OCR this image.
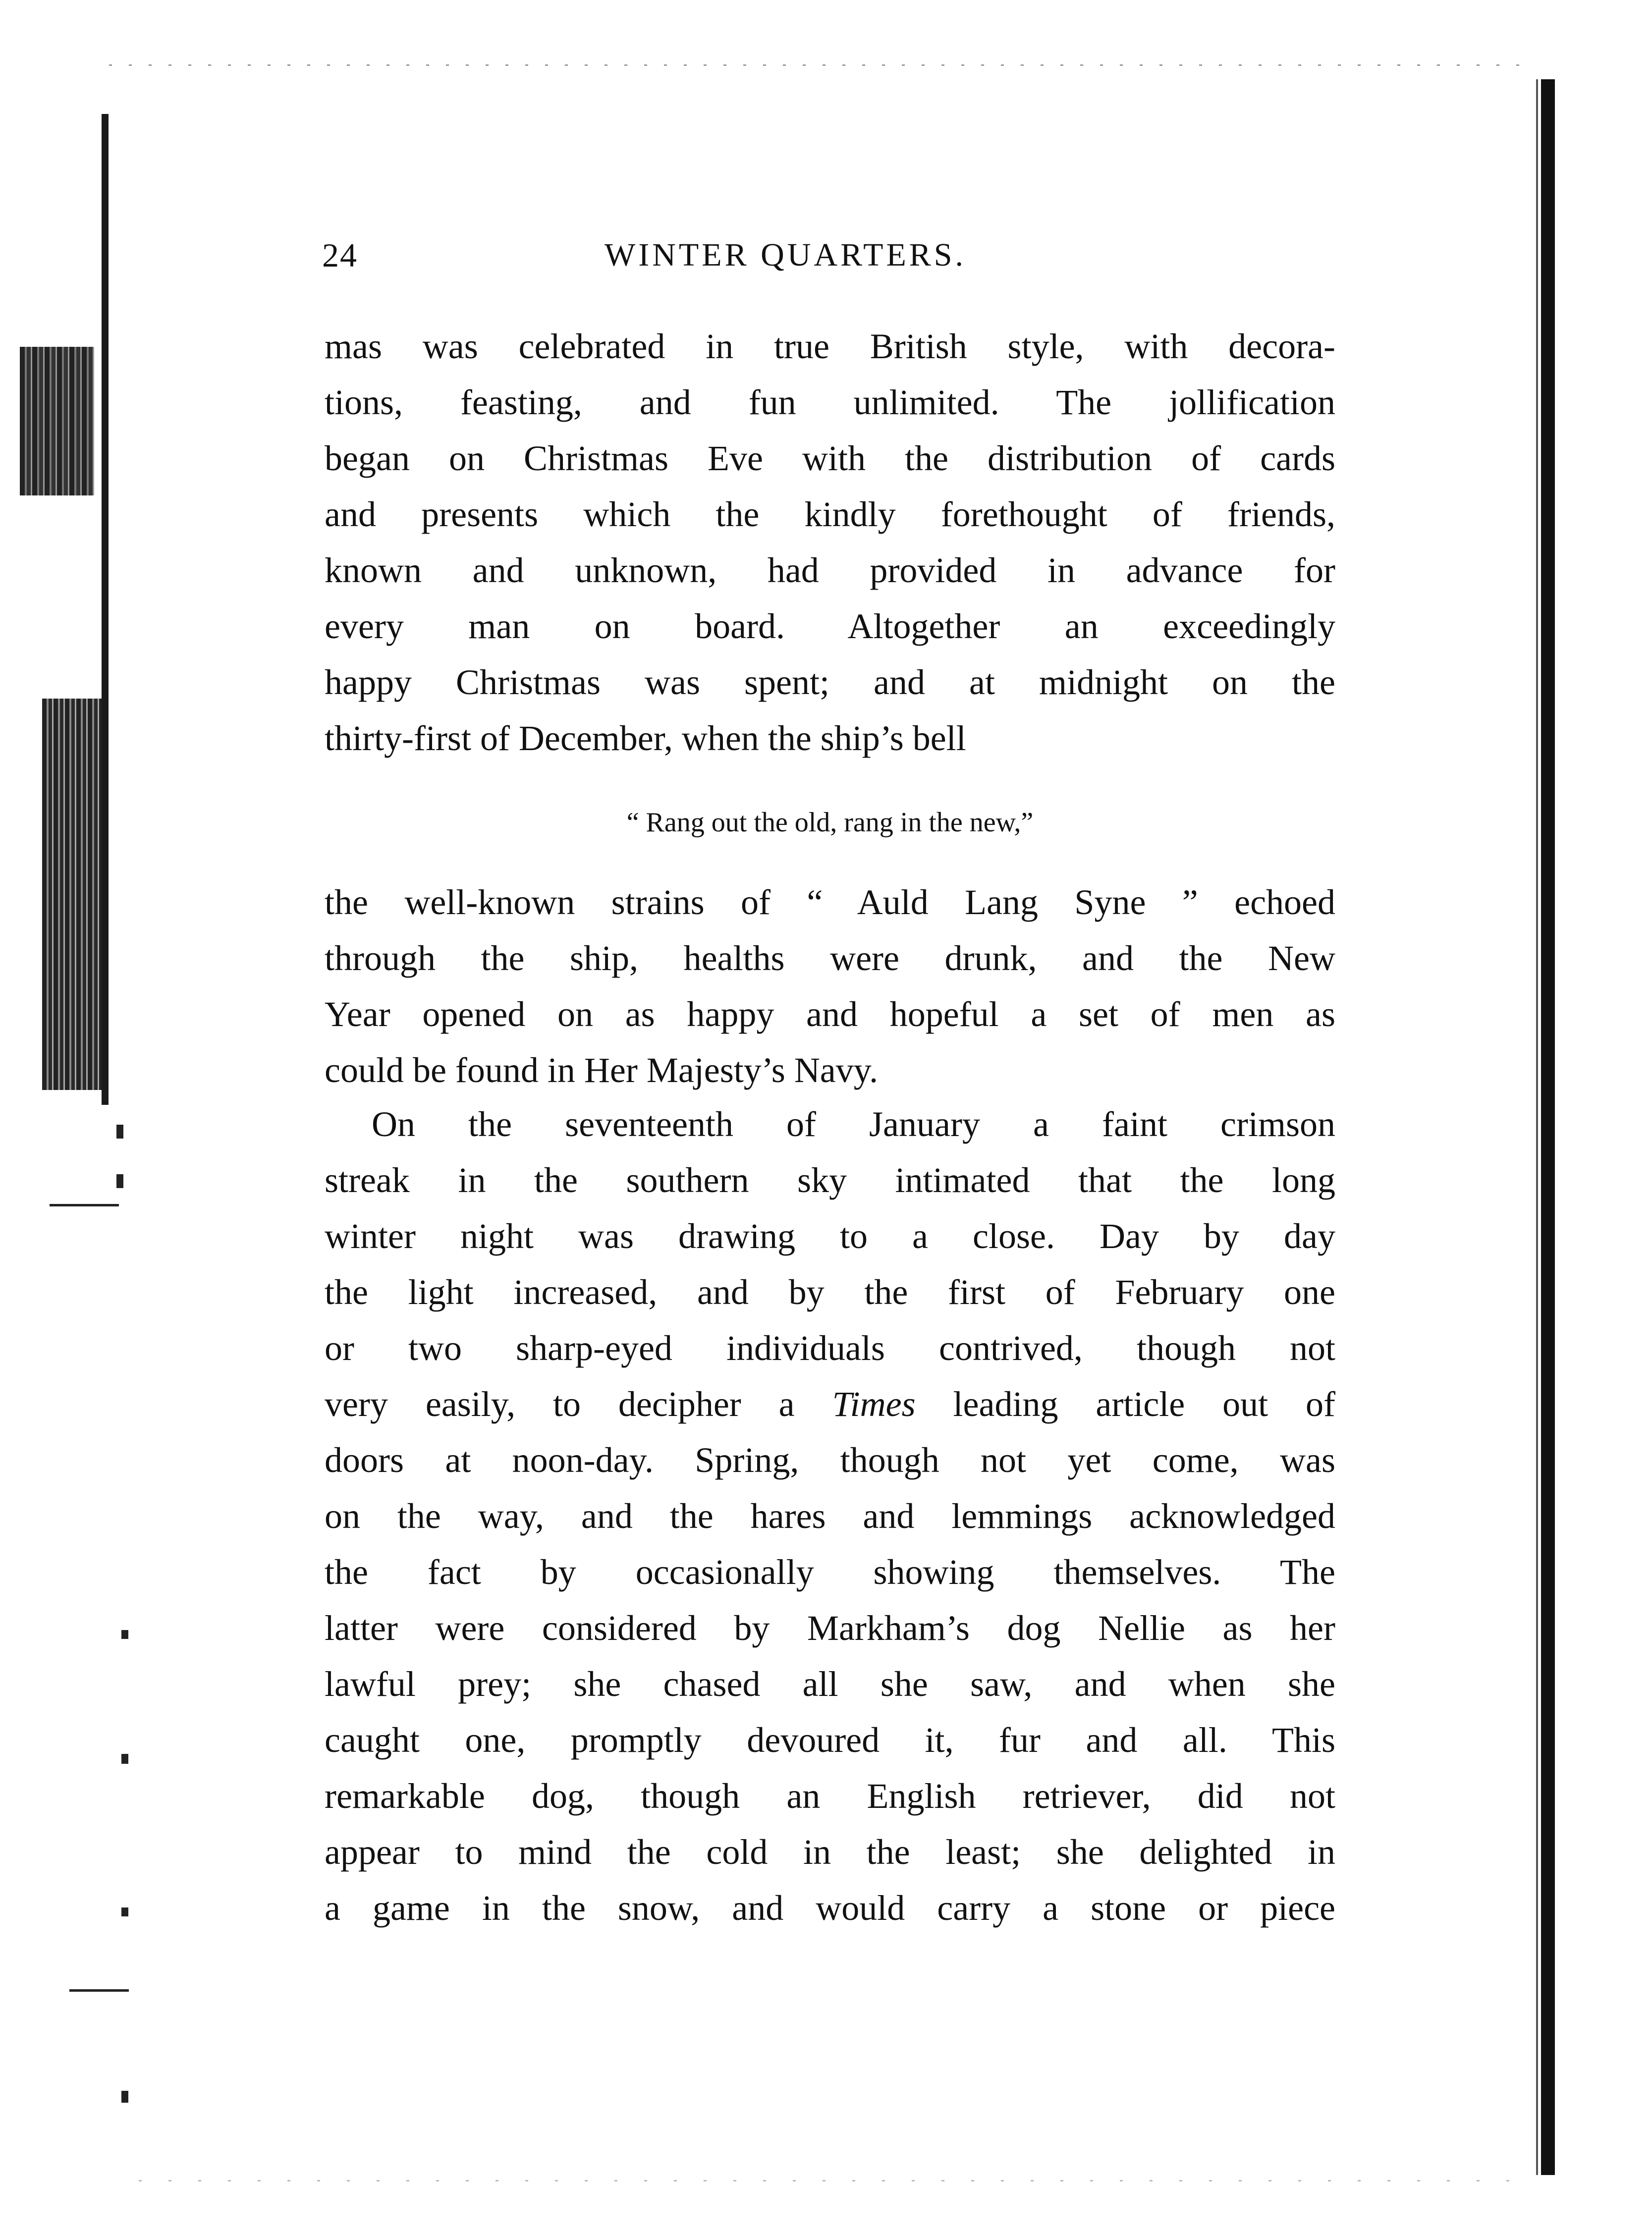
24	WINTER QUARTERS.
mas was celebrated in true British style, with decora-
tions, feasting, and fun unlimited. The jollification
began on Christmas Eve with the distribution of cards
and presents which the kindly forethought of friends,
known and unknown, had provided in advance for
every man on board. Altogether an exceedingly
happy Christmas was spent; and at midnight on the
thirty-first of December, when the ship’s bell
“ Rang out the old, rang in the new,”
the well-known strains of “ Auld Lang Syne ” echoed
through the ship, healths were drunk, and the New
Year opened on as happy and hopeful a set of men as
could be found in Her Majesty’s Navy.
On the seventeenth of January a faint crimson
streak in the southern sky intimated that the long
winter night was drawing to a close. Day by day
the light increased, and by the first of February one
or two sharp-eyed individuals contrived, though not
very easily, to decipher a Times leading article out of
doors at noon-day. Spring, though not yet come, was
on the way, and the hares and lemmings acknowledged
the fact by occasionally showing themselves. The
latter were considered by Markham’s dog Nellie as her
lawful prey; she chased all she saw, and when she
caught one, promptly devoured it, fur and all. This
remarkable dog, though an English retriever, did not
appear to mind the cold in the least; she delighted in
a game in the snow, and would carry a stone or piece
